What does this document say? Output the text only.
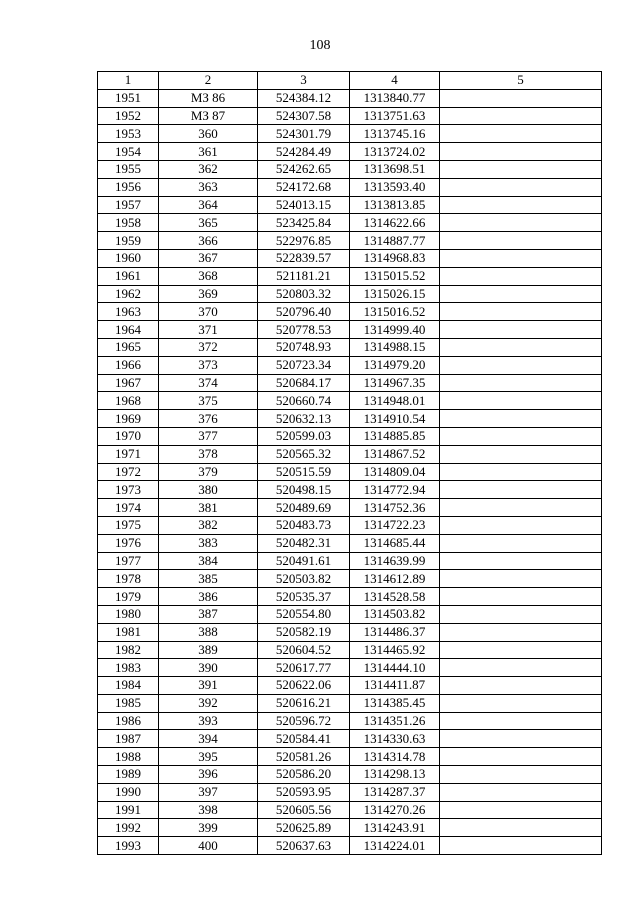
108
1	2	3	4	5
1951	МЗ 86	524384.12	1313840.77	
1952	МЗ 87	524307.58	1313751.63	
1953	360	524301.79	1313745.16	
1954	361	524284.49	1313724.02	
1955	362	524262.65	1313698.51	
1956	363	524172.68	1313593.40	
1957	364	524013.15	1313813.85	
1958	365	523425.84	1314622.66	
1959	366	522976.85	1314887.77	
1960	367	522839.57	1314968.83	
1961	368	521181.21	1315015.52	
1962	369	520803.32	1315026.15	
1963	370	520796.40	1315016.52	
1964	371	520778.53	1314999.40	
1965	372	520748.93	1314988.15	
1966	373	520723.34	1314979.20	
1967	374	520684.17	1314967.35	
1968	375	520660.74	1314948.01	
1969	376	520632.13	1314910.54	
1970	377	520599.03	1314885.85	
1971	378	520565.32	1314867.52	
1972	379	520515.59	1314809.04	
1973	380	520498.15	1314772.94	
1974	381	520489.69	1314752.36	
1975	382	520483.73	1314722.23	
1976	383	520482.31	1314685.44	
1977	384	520491.61	1314639.99	
1978	385	520503.82	1314612.89	
1979	386	520535.37	1314528.58	
1980	387	520554.80	1314503.82	
1981	388	520582.19	1314486.37	
1982	389	520604.52	1314465.92	
1983	390	520617.77	1314444.10	
1984	391	520622.06	1314411.87	
1985	392	520616.21	1314385.45	
1986	393	520596.72	1314351.26	
1987	394	520584.41	1314330.63	
1988	395	520581.26	1314314.78	
1989	396	520586.20	1314298.13	
1990	397	520593.95	1314287.37	
1991	398	520605.56	1314270.26	
1992	399	520625.89	1314243.91	
1993	400	520637.63	1314224.01	
